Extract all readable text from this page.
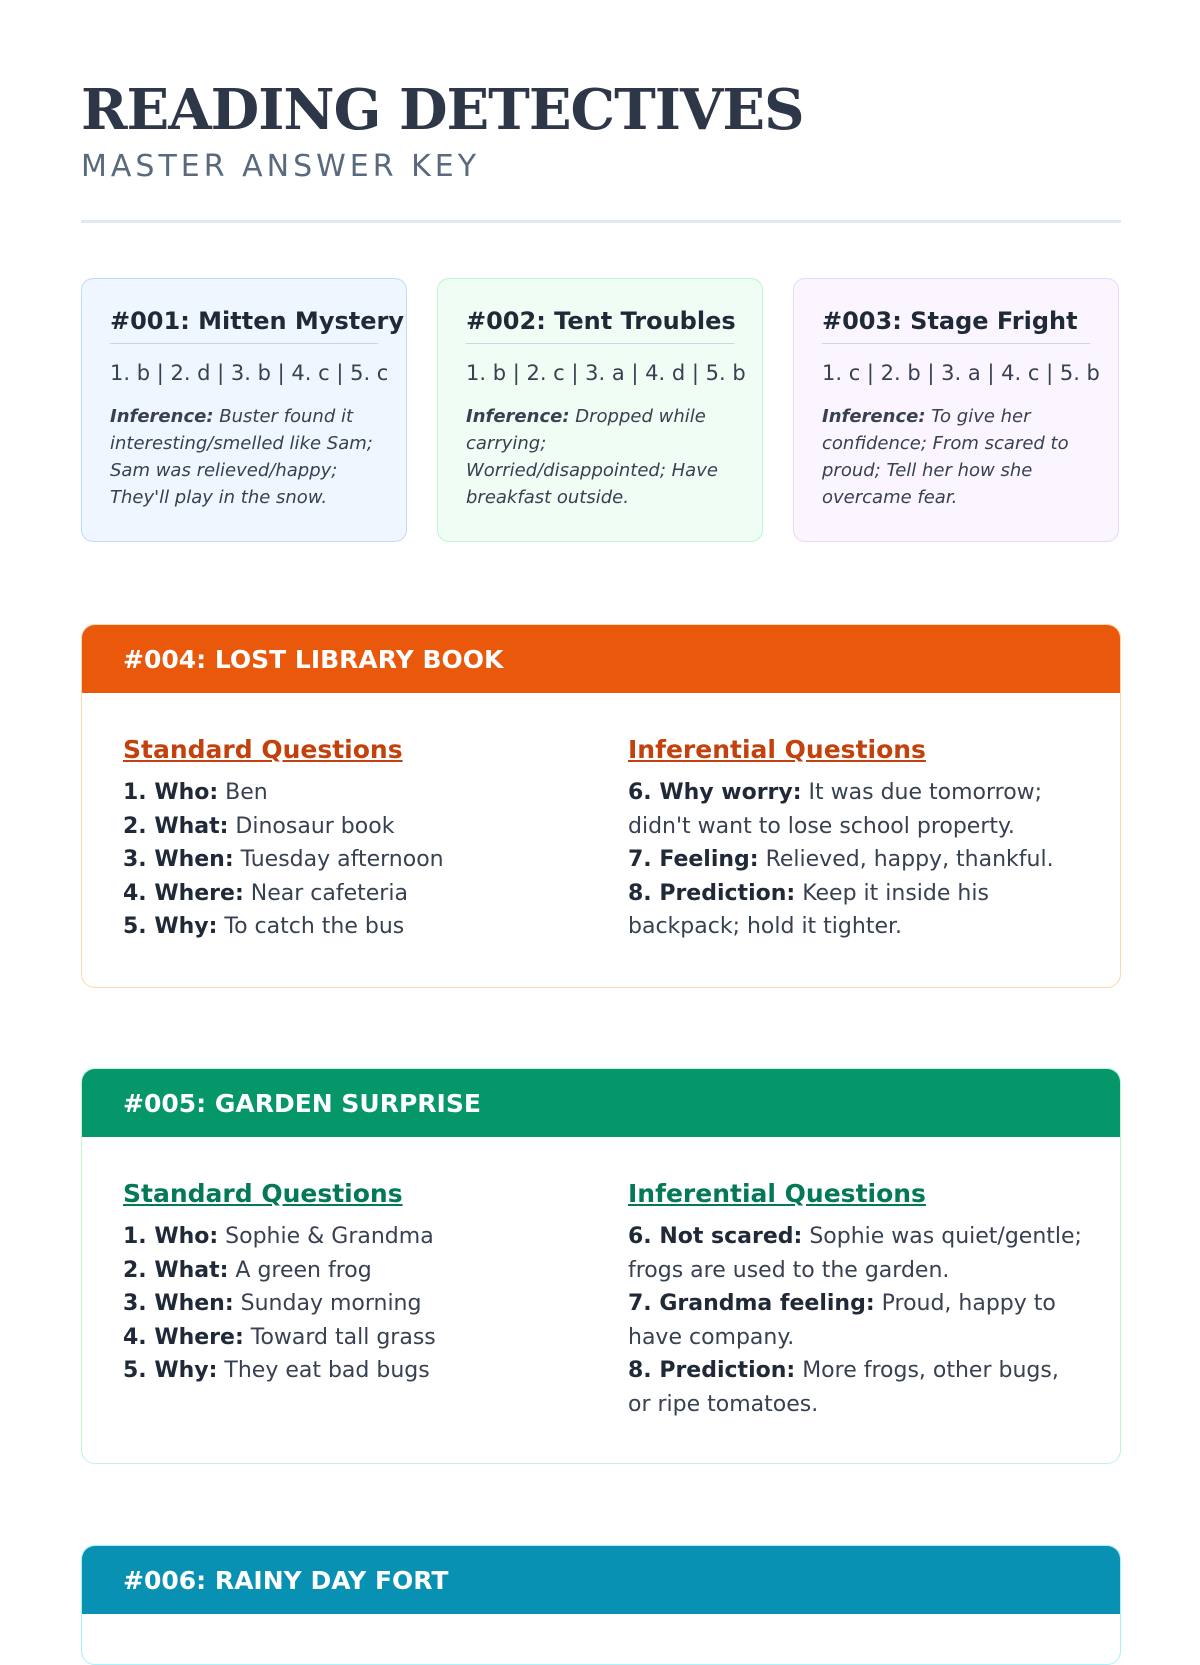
READING DETECTIVES
MASTER ANSWER KEY
#001: Mitten Mystery
1. b | 2. d | 3. b | 4. c | 5. c
Inference: Buster found it interesting/smelled like Sam; Sam was relieved/happy; They'll play in the snow.
#002: Tent Troubles
1. b | 2. c | 3. a | 4. d | 5. b
Inference: Dropped while carrying; Worried/disappointed; Have breakfast outside.
#003: Stage Fright
1. c | 2. b | 3. a | 4. c | 5. b
Inference: To give her confidence; From scared to proud; Tell her how she overcame fear.
#004: LOST LIBRARY BOOK
Standard Questions
1. Who: Ben
2. What: Dinosaur book
3. When: Tuesday afternoon
4. Where: Near cafeteria
5. Why: To catch the bus
Inferential Questions
6. Why worry: It was due tomorrow; didn't want to lose school property.
7. Feeling: Relieved, happy, thankful.
8. Prediction: Keep it inside his backpack; hold it tighter.
#005: GARDEN SURPRISE
Standard Questions
1. Who: Sophie & Grandma
2. What: A green frog
3. When: Sunday morning
4. Where: Toward tall grass
5. Why: They eat bad bugs
Inferential Questions
6. Not scared: Sophie was quiet/gentle; frogs are used to the garden.
7. Grandma feeling: Proud, happy to have company.
8. Prediction: More frogs, other bugs, or ripe tomatoes.
#006: RAINY DAY FORT
